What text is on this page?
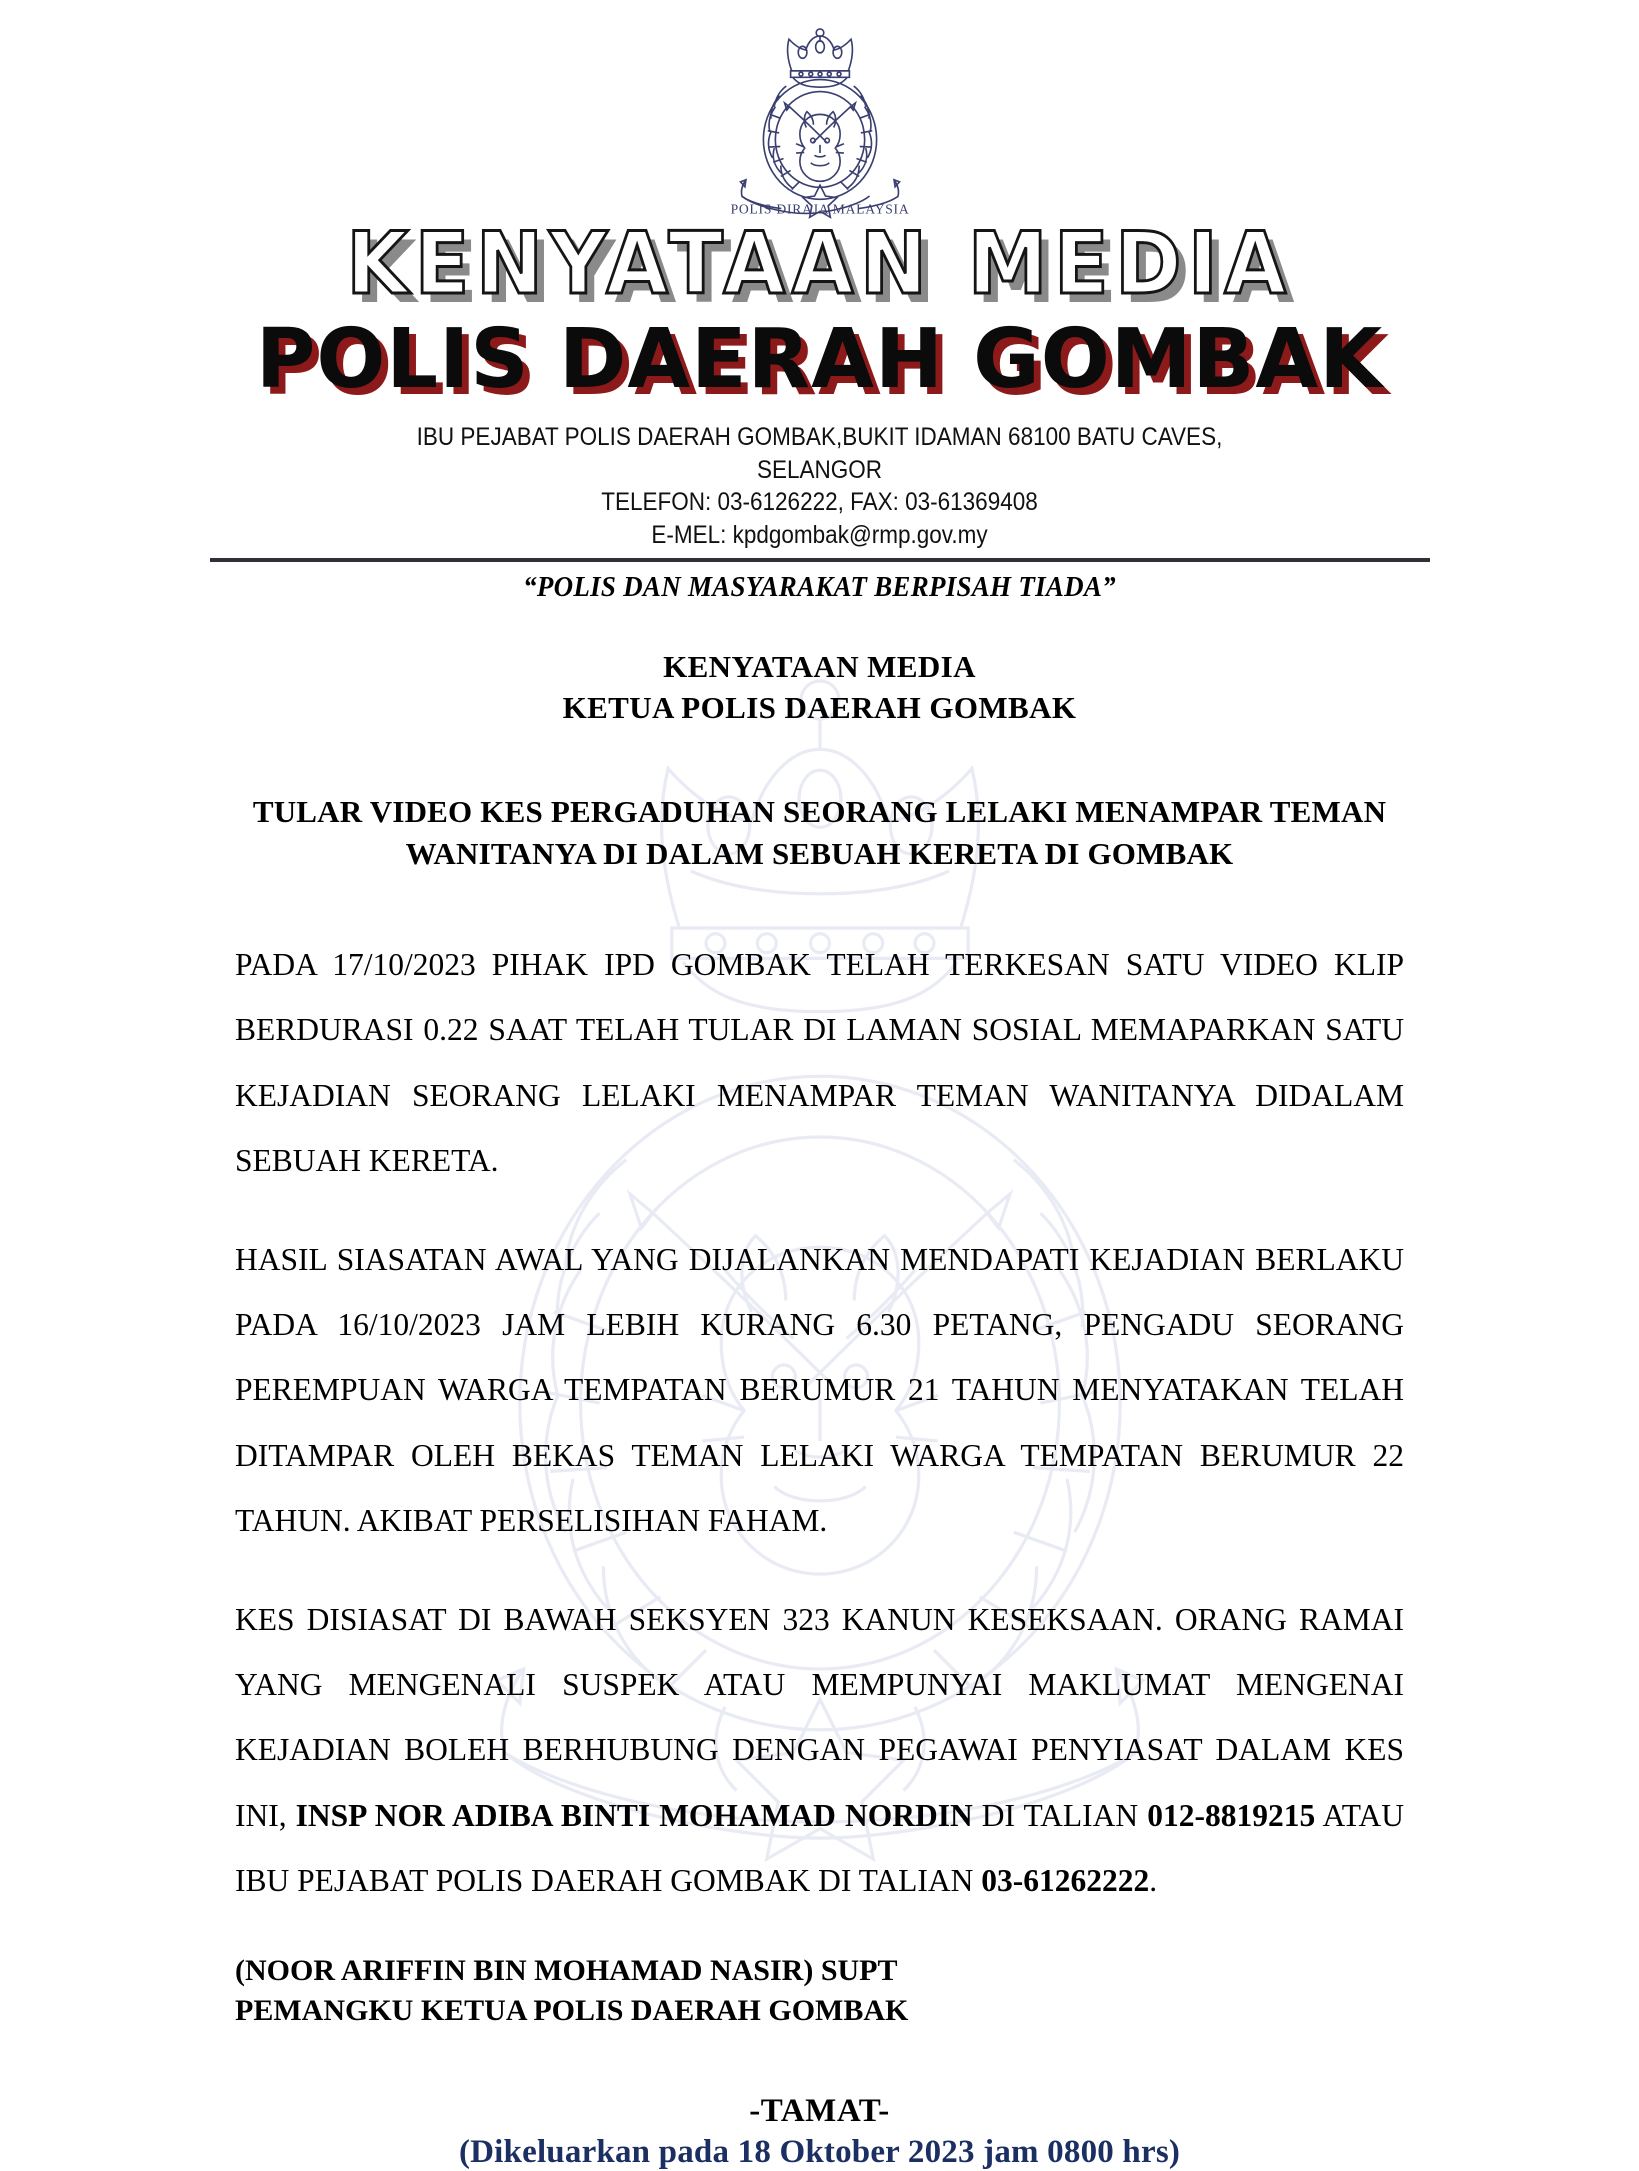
POLIS DIRAJA MALAYSIA
KENYATAAN MEDIA
POLIS DAERAH GOMBAK
IBU PEJABAT POLIS DAERAH GOMBAK,BUKIT IDAMAN 68100 BATU CAVES,
SELANGOR
TELEFON: 03-6126222, FAX: 03-61369408
E-MEL: kpdgombak@rmp.gov.my
“POLIS DAN MASYARAKAT BERPISAH TIADA”
KENYATAAN MEDIA
KETUA POLIS DAERAH GOMBAK
TULAR VIDEO KES PERGADUHAN SEORANG LELAKI MENAMPAR TEMAN
WANITANYA DI DALAM SEBUAH KERETA DI GOMBAK

PADA 17/10/2023 PIHAK IPD GOMBAK TELAH TERKESAN SATU VIDEO KLIP BERDURASI 0.22 SAAT TELAH TULAR DI LAMAN SOSIAL MEMAPARKAN SATU KEJADIAN SEORANG LELAKI MENAMPAR TEMAN WANITANYA DIDALAM SEBUAH KERETA.

HASIL SIASATAN AWAL YANG DIJALANKAN MENDAPATI KEJADIAN BERLAKU PADA 16/10/2023 JAM LEBIH KURANG 6.30 PETANG, PENGADU SEORANG PEREMPUAN WARGA TEMPATAN BERUMUR 21 TAHUN MENYATAKAN TELAH DITAMPAR OLEH BEKAS TEMAN LELAKI WARGA TEMPATAN BERUMUR 22 TAHUN. AKIBAT PERSELISIHAN FAHAM.

KES DISIASAT DI BAWAH SEKSYEN 323 KANUN KESEKSAAN. ORANG RAMAI YANG MENGENALI SUSPEK ATAU MEMPUNYAI MAKLUMAT MENGENAI KEJADIAN BOLEH BERHUBUNG DENGAN PEGAWAI PENYIASAT DALAM KES INI, INSP NOR ADIBA BINTI MOHAMAD NORDIN DI TALIAN 012-8819215 ATAU IBU PEJABAT POLIS DAERAH GOMBAK DI TALIAN 03-61262222.

(NOOR ARIFFIN BIN MOHAMAD NASIR) SUPT
PEMANGKU KETUA POLIS DAERAH GOMBAK
-TAMAT-
(Dikeluarkan pada 18 Oktober 2023 jam 0800 hrs)
